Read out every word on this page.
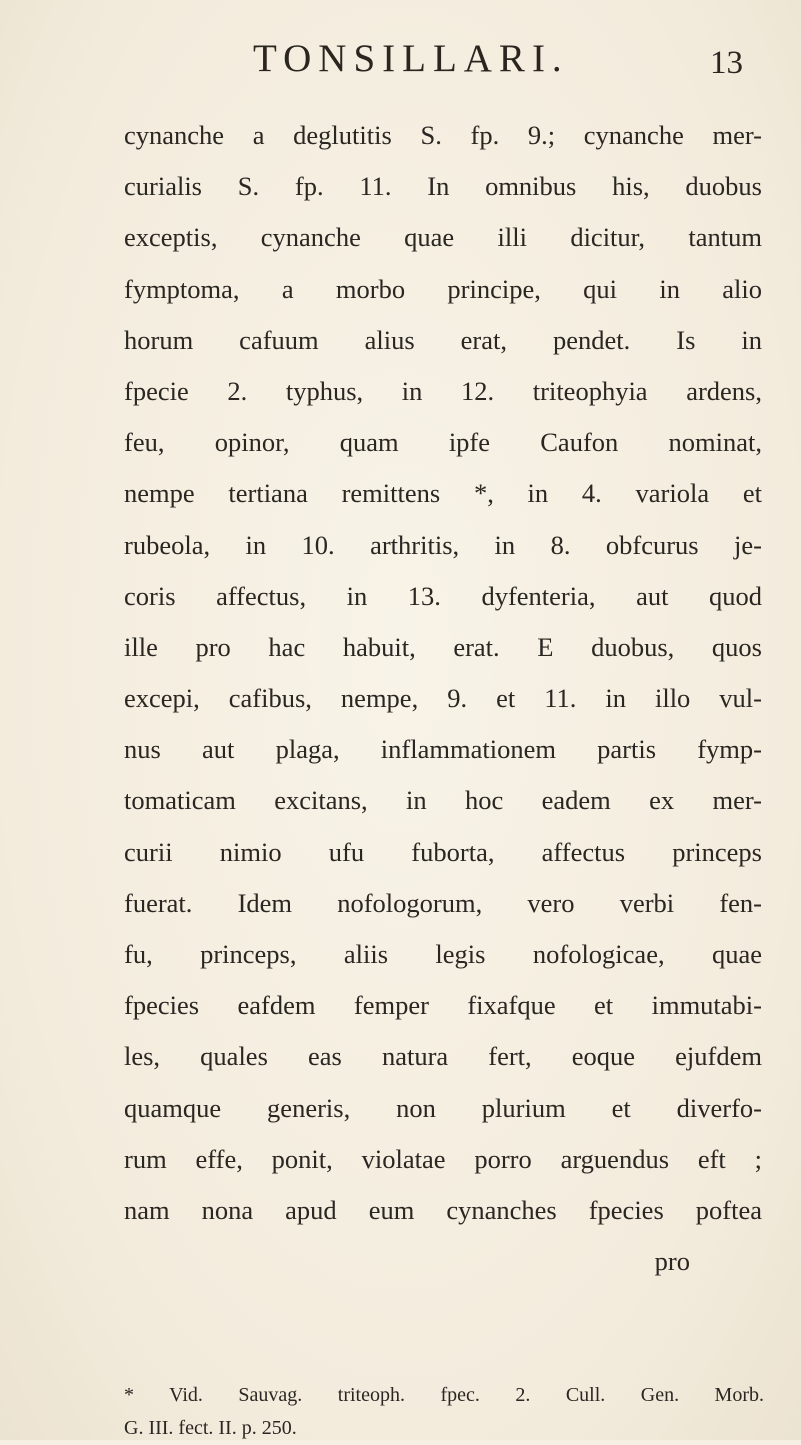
TONSILLARI.	13
cynanche a deglutitis S. fp. 9.; cynanche mer-
curialis S. fp. 11. In omnibus his, duobus
exceptis, cynanche quae illi dicitur, tantum
fymptoma, a morbo principe, qui in alio
horum cafuum alius erat, pendet. Is in
fpecie 2. typhus, in 12. triteophyia ardens,
feu, opinor, quam ipfe Caufon nominat,
nempe tertiana remittens *, in 4. variola et
rubeola, in 10. arthritis, in 8. obfcurus je-
coris affectus, in 13. dyfenteria, aut quod
ille pro hac habuit, erat. E duobus, quos
excepi, cafibus, nempe, 9. et 11. in illo vul-
nus aut plaga, inflammationem partis fymp-
tomaticam excitans, in hoc eadem ex mer-
curii nimio ufu fuborta, affectus princeps
fuerat. Idem nofologorum, vero verbi fen-
fu, princeps, aliis legis nofologicae, quae
fpecies eafdem femper fixafque et immutabi-
les, quales eas natura fert, eoque ejufdem
quamque generis, non plurium et diverfo-
rum effe, ponit, violatae porro arguendus eft ;
nam nona apud eum cynanches fpecies poftea
pro
* Vid. Sauvag. triteoph. fpec. 2. Cull. Gen. Morb.
G. III. fect. II. p. 250.
